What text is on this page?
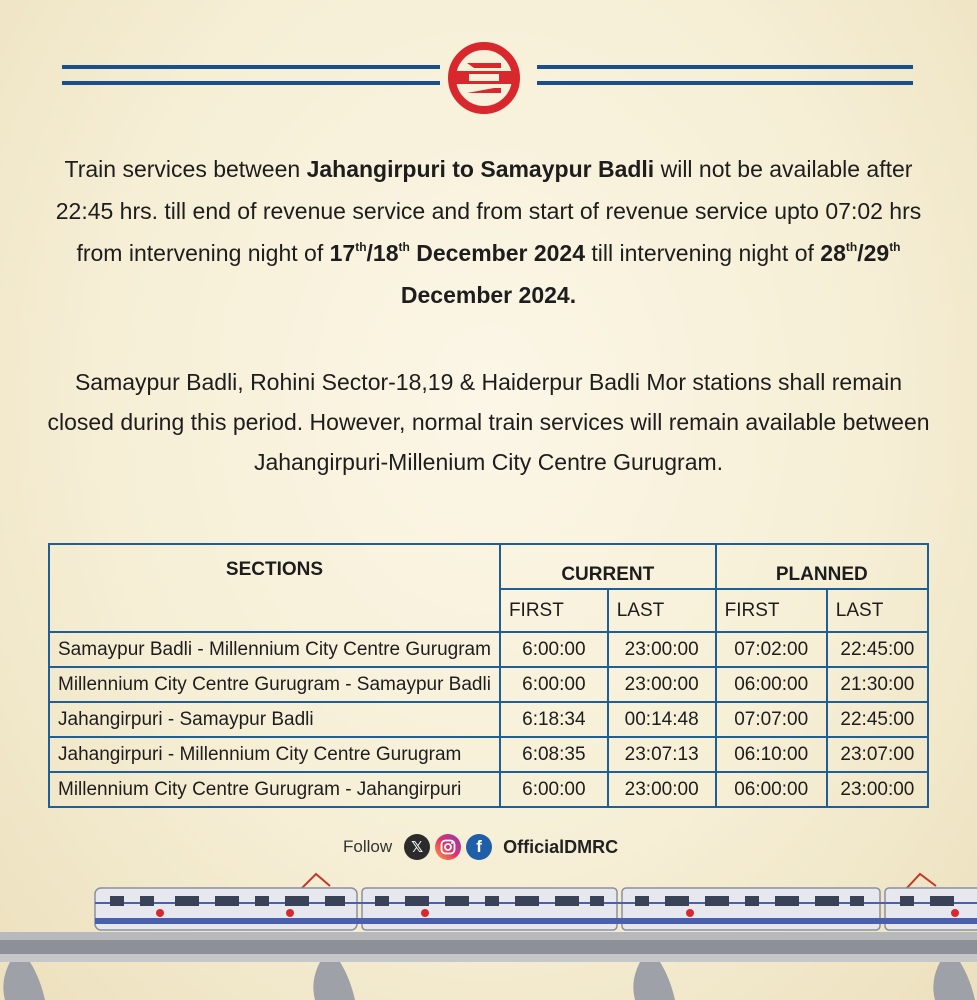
Train services between Jahangirpuri to Samaypur Badli will not be available after 22:45 hrs. till end of revenue service and from start of revenue service upto 07:02 hrs from intervening night of 17th/18th December 2024 till intervening night of 28th/29th December 2024.
Samaypur Badli, Rohini Sector-18,19 & Haiderpur Badli Mor stations shall remain closed during this period. However, normal train services will remain available between Jahangirpuri-Millenium City Centre Gurugram.
SECTIONS	CURRENT		PLANNED	
	FIRST	LAST	FIRST	LAST
Samaypur Badli - Millennium City Centre Gurugram	6:00:00	23:00:00	07:02:00	22:45:00
Millennium City Centre Gurugram - Samaypur Badli	6:00:00	23:00:00	06:00:00	21:30:00
Jahangirpuri - Samaypur Badli	6:18:34	00:14:48	07:07:00	22:45:00
Jahangirpuri - Millennium City Centre Gurugram	6:08:35	23:07:13	06:10:00	23:07:00
Millennium City Centre Gurugram - Jahangirpuri	6:00:00	23:00:00	06:00:00	23:00:00
Follow 𝕏	f OfficialDMRC
